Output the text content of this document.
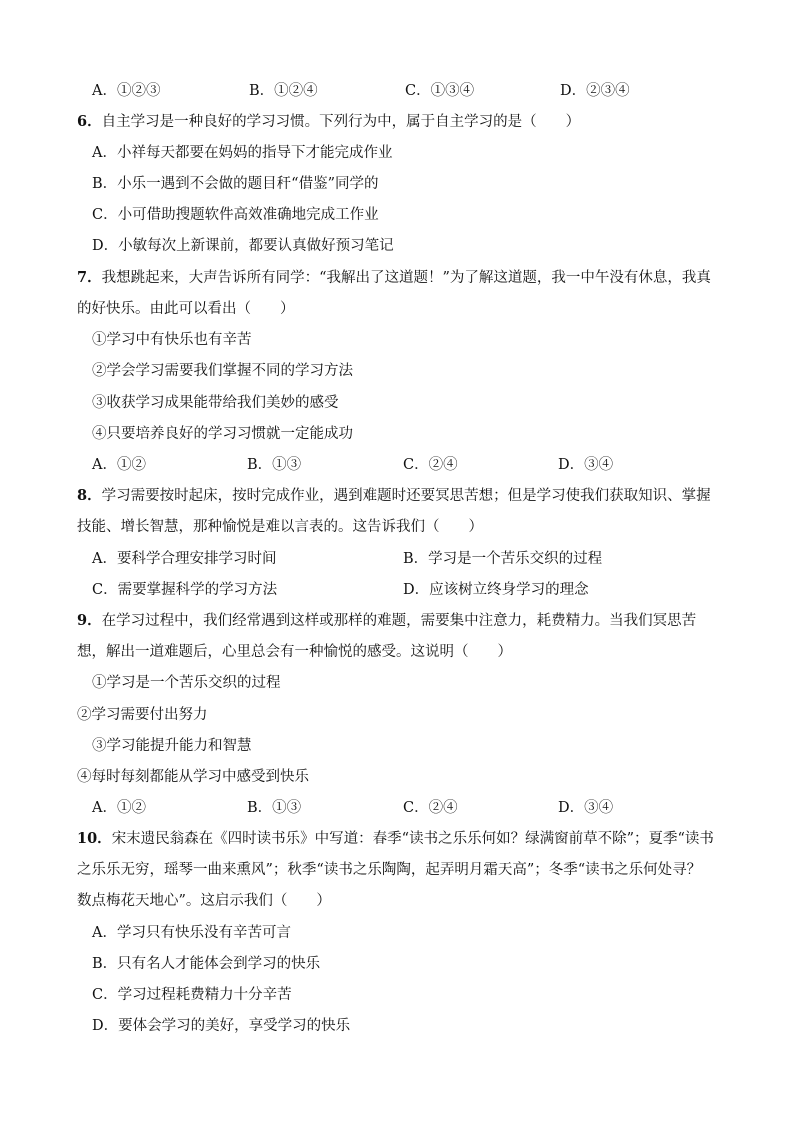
A．①②③	B．①②④	C．①③④	D．②③④
6．自主学习是一种良好的学习习惯。下列行为中，属于自主学习的是（　　）
A．小祥每天都要在妈妈的指导下才能完成作业
B．小乐一遇到不会做的题目秆“借鉴”同学的
C．小可借助搜题软件高效准确地完成工作业
D．小敏每次上新课前，都要认真做好预习笔记
7．我想跳起来，大声告诉所有同学：“我解出了这道题！”为了解这道题，我一中午没有休息，我真
的好快乐。由此可以看出（　　）
①学习中有快乐也有辛苦
②学会学习需要我们掌握不同的学习方法
③收获学习成果能带给我们美妙的感受
④只要培养良好的学习习惯就一定能成功
A．①②	B．①③	C．②④	D．③④
8．学习需要按时起床，按时完成作业，遇到难题时还要冥思苦想；但是学习使我们获取知识、掌握
技能、增长智慧，那种愉悦是难以言表的。这告诉我们（　　）
A．要科学合理安排学习时间	B．学习是一个苦乐交织的过程
C．需要掌握科学的学习方法	D．应该树立终身学习的理念
9．在学习过程中，我们经常遇到这样或那样的难题，需要集中注意力，耗费精力。当我们冥思苦
想，解出一道难题后，心里总会有一种愉悦的感受。这说明（　　）
①学习是一个苦乐交织的过程
②学习需要付出努力
③学习能提升能力和智慧
④每时每刻都能从学习中感受到快乐
A．①②	B．①③	C．②④	D．③④
10．宋末遗民翁森在《四时读书乐》中写道：春季“读书之乐乐何如？绿满窗前草不除”；夏季“读书
之乐乐无穷，瑶琴一曲来熏风”；秋季“读书之乐陶陶，起弄明月霜天高”；冬季“读书之乐何处寻？
数点梅花天地心”。这启示我们（　　）
A．学习只有快乐没有辛苦可言
B．只有名人才能体会到学习的快乐
C．学习过程耗费精力十分辛苦
D．要体会学习的美好，享受学习的快乐
